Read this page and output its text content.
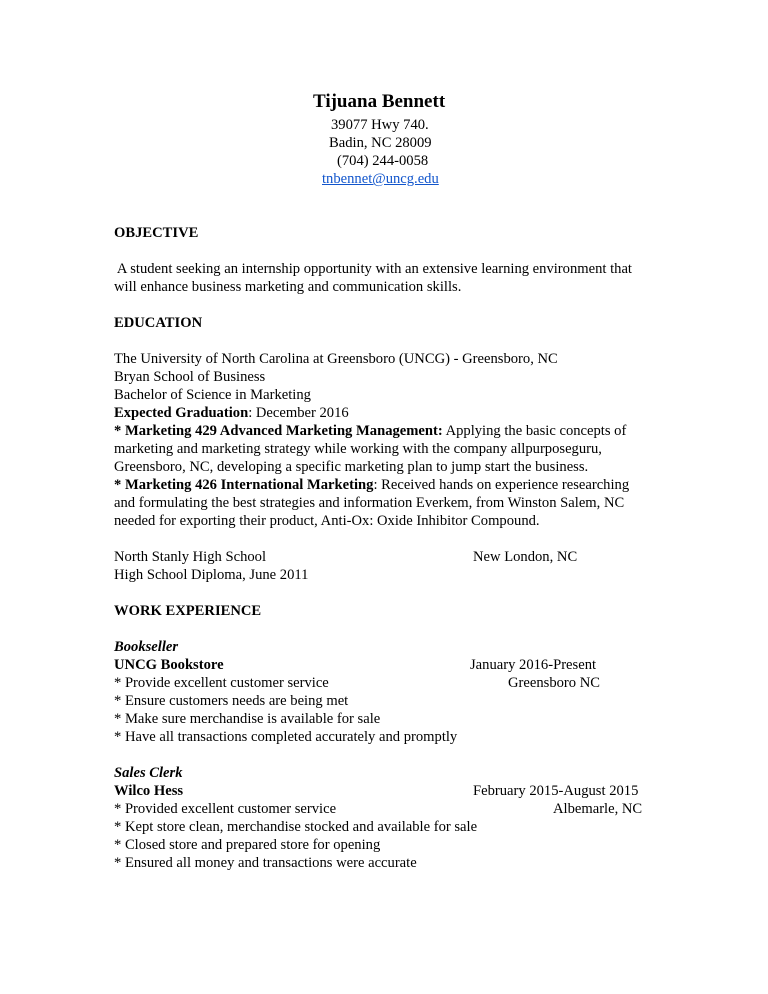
Tijuana Bennett
39077 Hwy 740.
Badin, NC 28009
(704) 244-0058
tnbennet@uncg.edu
OBJECTIVE
A student seeking an internship opportunity with an extensive learning environment that
will enhance business marketing and communication skills.
EDUCATION
The University of North Carolina at Greensboro (UNCG) - Greensboro, NC
Bryan School of Business
Bachelor of Science in Marketing
Expected Graduation: December 2016
* Marketing 429 Advanced Marketing Management: Applying the basic concepts of
marketing and marketing strategy while working with the company allpurposeguru,
Greensboro, NC, developing a specific marketing plan to jump start the business.
* Marketing 426 International Marketing: Received hands on experience researching
and formulating the best strategies and information Everkem, from Winston Salem, NC
needed for exporting their product, Anti-Ox: Oxide Inhibitor Compound.
North Stanly High School	New London, NC
High School Diploma, June 2011
WORK EXPERIENCE
Bookseller
UNCG Bookstore	January 2016-Present
* Provide excellent customer service	Greensboro NC
* Ensure customers needs are being met
* Make sure merchandise is available for sale
* Have all transactions completed accurately and promptly
Sales Clerk
Wilco Hess	February 2015-August 2015
* Provided excellent customer service	Albemarle, NC
* Kept store clean, merchandise stocked and available for sale
* Closed store and prepared store for opening
* Ensured all money and transactions were accurate
